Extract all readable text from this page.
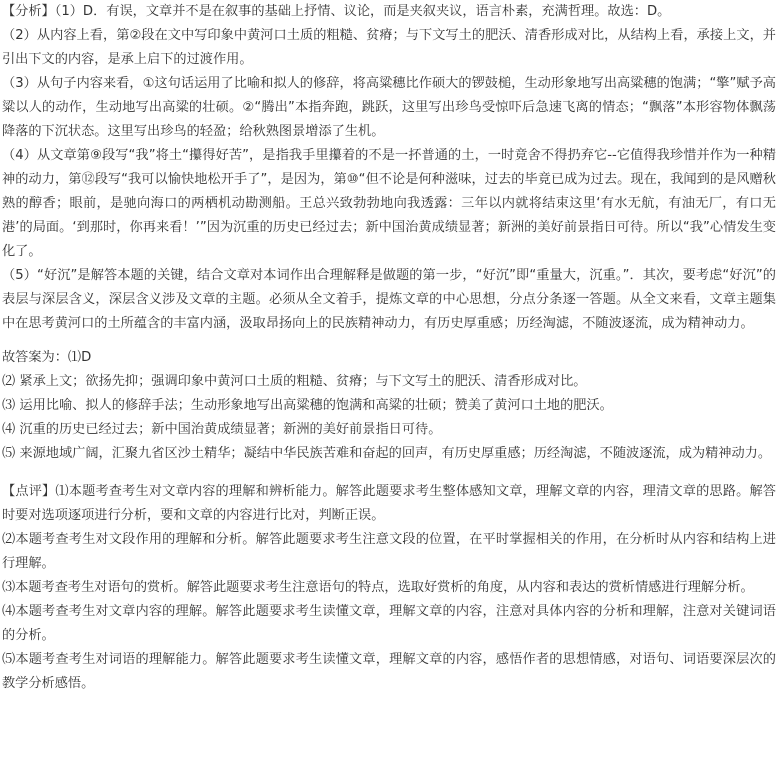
【分析】（1）D．有误，文章并不是在叙事的基础上抒情、议论，而是夹叙夹议，语言朴素，充满哲理。故选：D。

（2）从内容上看，第②段在文中写印象中黄河口土质的粗糙、贫瘠；与下文写土的肥沃、清香形成对比，从结构上看，承接上文，并引出下文的内容，是承上启下的过渡作用。

（3）从句子内容来看，①这句话运用了比喻和拟人的修辞，将高粱穗比作硕大的锣鼓槌，生动形象地写出高粱穗的饱满；“擎”赋予高粱以人的动作，生动地写出高粱的壮硕。②“腾出”本指奔跑，跳跃，这里写出珍鸟受惊吓后急速飞离的情态；“飘落”本形容物体飘荡降落的下沉状态。这里写出珍鸟的轻盈；给秋熟图景增添了生机。

（4）从文章第⑨段写“我”将土“攥得好苦”，是指我手里攥着的不是一抔普通的土，一时竟舍不得扔弃它--它值得我珍惜并作为一种精神的动力，第⑫段写“我可以愉快地松开手了”，是因为，第⑩“但不论是何种滋味，过去的毕竟已成为过去。现在，我闻到的是风赠秋熟的醇香；眼前，是驰向海口的两栖机动勘测船。王总兴致勃勃地向我透露：三年以内就将结束这里‘有水无航，有油无厂，有口无港’的局面。‘到那时，你再来看！’”因为沉重的历史已经过去；新中国治黄成绩显著；新洲的美好前景指日可待。所以“我”心情发生变化了。

（5）“好沉”是解答本题的关键，结合文章对本词作出合理解释是做题的第一步，“好沉”即“重量大，沉重。”．其次，要考虑“好沉”的表层与深层含义，深层含义涉及文章的主题。必须从全文着手，提炼文章的中心思想，分点分条逐一答题。从全文来看，文章主题集中在思考黄河口的土所蕴含的丰富内涵，汲取昂扬向上的民族精神动力，有历史厚重感；历经淘滤，不随波逐流，成为精神动力。

故答案为：⑴D

⑵ 紧承上文；欲扬先抑；强调印象中黄河口土质的粗糙、贫瘠；与下文写土的肥沃、清香形成对比。

⑶ 运用比喻、拟人的修辞手法；生动形象地写出高粱穗的饱满和高粱的壮硕；赞美了黄河口土地的肥沃。

⑷ 沉重的历史已经过去；新中国治黄成绩显著；新洲的美好前景指日可待。

⑸ 来源地域广阔，汇聚九省区沙土精华；凝结中华民族苦难和奋起的回声，有历史厚重感；历经淘滤，不随波逐流，成为精神动力。

【点评】⑴本题考查考生对文章内容的理解和辨析能力。解答此题要求考生整体感知文章，理解文章的内容，理清文章的思路。解答时要对选项逐项进行分析，要和文章的内容进行比对，判断正误。

⑵本题考查考生对文段作用的理解和分析。解答此题要求考生注意文段的位置，在平时掌握相关的作用，在分析时从内容和结构上进行理解。

⑶本题考查考生对语句的赏析。解答此题要求考生注意语句的特点，选取好赏析的角度，从内容和表达的赏析情感进行理解分析。

⑷本题考查考生对文章内容的理解。解答此题要求考生读懂文章，理解文章的内容，注意对具体内容的分析和理解，注意对关键词语的分析。

⑸本题考查考生对词语的理解能力。解答此题要求考生读懂文章，理解文章的内容，感悟作者的思想情感，对语句、词语要深层次的教学分析感悟。
